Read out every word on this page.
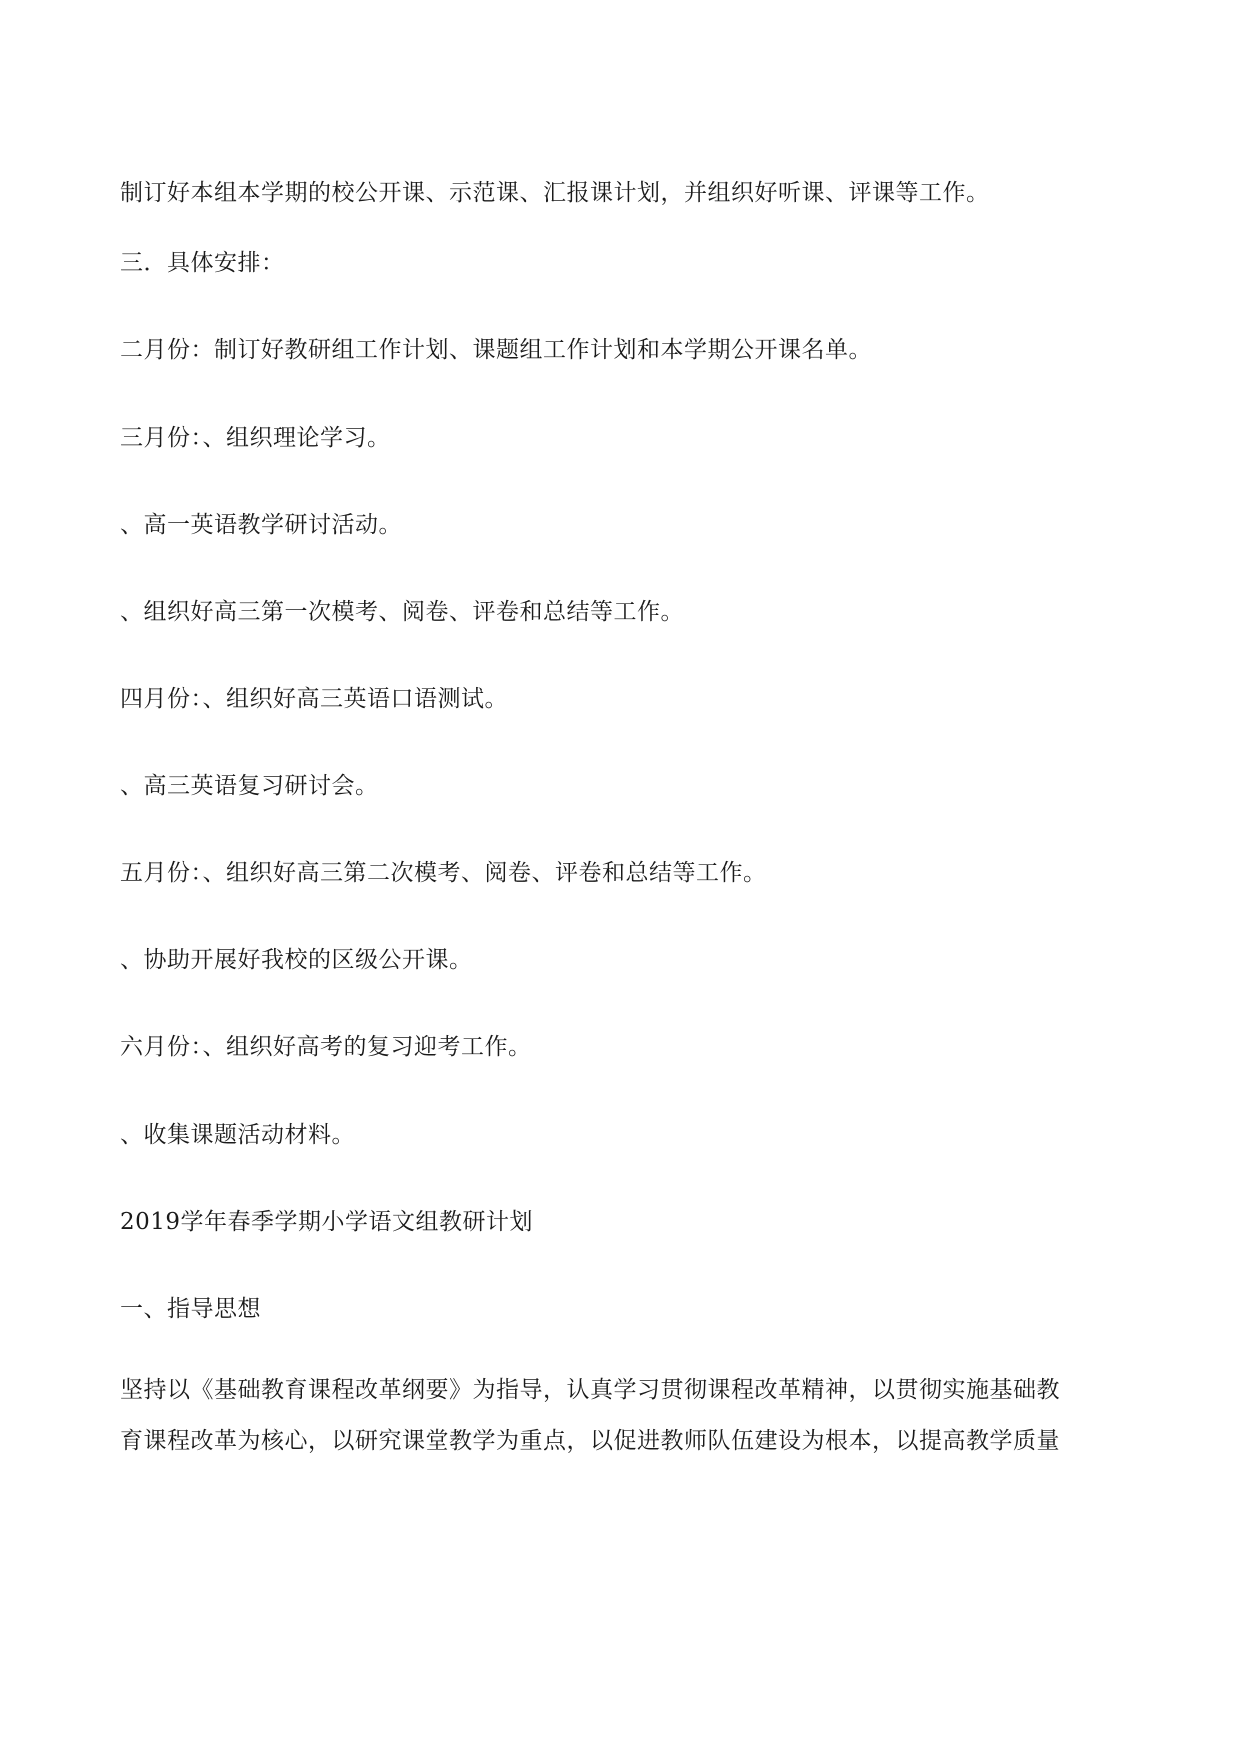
制订好本组本学期的校公开课、示范课、汇报课计划，并组织好听课、评课等工作。
三．具体安排：
二月份：制订好教研组工作计划、课题组工作计划和本学期公开课名单。
三月份：、组织理论学习。
、高一英语教学研讨活动。
、组织好高三第一次模考、阅卷、评卷和总结等工作。
四月份：、组织好高三英语口语测试。
、高三英语复习研讨会。
五月份：、组织好高三第二次模考、阅卷、评卷和总结等工作。
、协助开展好我校的区级公开课。
六月份：、组织好高考的复习迎考工作。
、收集课题活动材料。
2019学年春季学期小学语文组教研计划
一、指导思想
坚持以《基础教育课程改革纲要》为指导，认真学习贯彻课程改革精神，以贯彻实施基础教
育课程改革为核心，以研究课堂教学为重点，以促进教师队伍建设为根本，以提高教学质量
